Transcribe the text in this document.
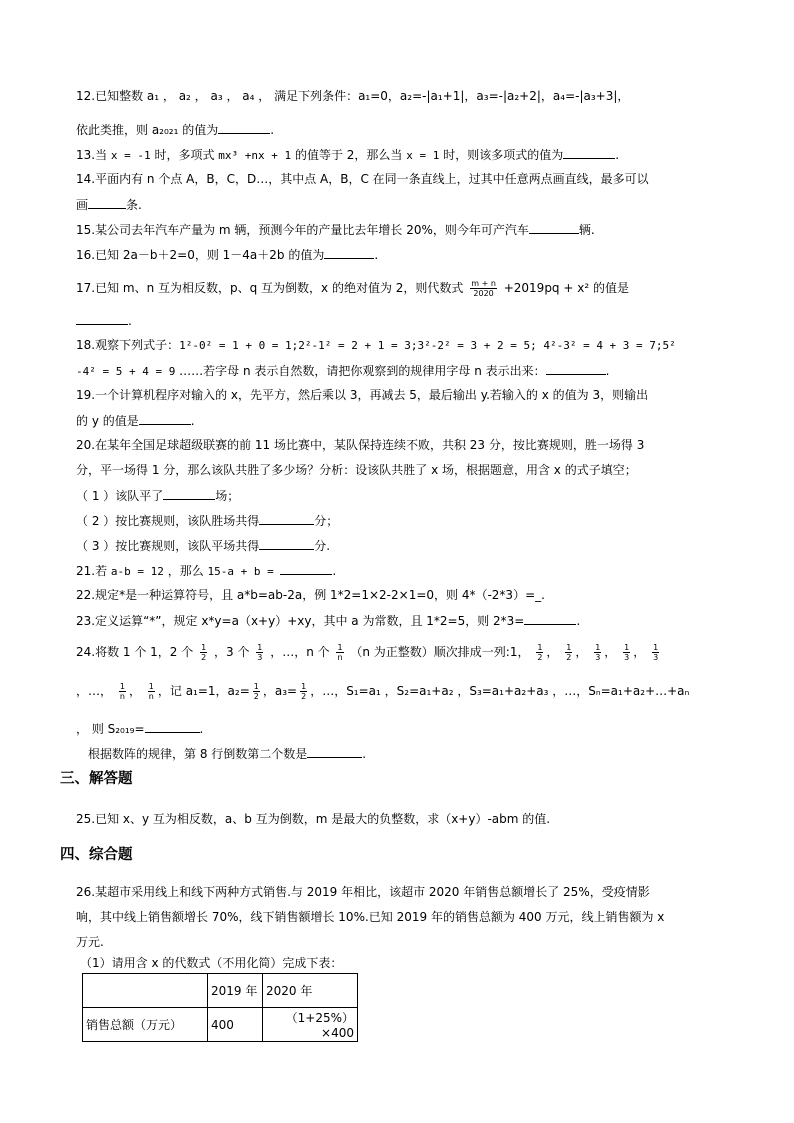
12.已知整数 a₁ ， a₂ ， a₃ ， a₄ ， 满足下列条件：a₁=0，a₂=-|a₁+1|，a₃=-|a₂+2|，a₄=-|a₃+3|，
依此类推，则 a₂₀₂₁ 的值为	.
13.当 x = -1 时，多项式 mx³ +nx + 1 的值等于 2，那么当 x = 1 时，则该多项式的值为	.
14.平面内有 n 个点 A，B，C，D…，其中点 A，B，C 在同一条直线上，过其中任意两点画直线，最多可以
画	条.
15.某公司去年汽车产量为 m 辆，预测今年的产量比去年增长 20%，则今年可产汽车	辆.
16.已知 2a－b＋2=0，则 1－4a＋2b 的值为	.
17.已知 m、n 互为相反数，p、q 互为倒数，x 的绝对值为 2，则代数式 $\frac{m + n}{2020} +2019pq + x^2$ 的值是
.
18.观察下列式子：1²-0² = 1 + 0 = 1;2²-1² = 2 + 1 = 3;3²-2² = 3 + 2 = 5; 4²-3² = 4 + 3 = 7;5²
-4² = 5 + 4 = 9 ……若字母 n 表示自然数，请把你观察到的规律用字母 n 表示出来：	.
19.一个计算机程序对输入的 x，先平方，然后乘以 3，再减去 5，最后输出 y.若输入的 x 的值为 3，则输出
的 y 的值是	.
20.在某年全国足球超级联赛的前 11 场比赛中，某队保持连续不败，共积 23 分，按比赛规则，胜一场得 3
分，平一场得 1 分，那么该队共胜了多少场？分析：设该队共胜了 x 场，根据题意，用含 x 的式子填空；
（ 1 ）该队平了	场；
（ 2 ）按比赛规则，该队胜场共得	分；
（ 3 ）按比赛规则，该队平场共得	分.
21.若 a-b = 12 ，那么 15-a + b =	.
22.规定*是一种运算符号，且 a*b=ab-2a，例 1*2=1×2-2×1=0，则 4*（-2*3）=_.
23.定义运算“*”，规定 x*y=a（x+y）+xy，其中 a 为常数，且 1*2=5，则 2*3=	.
24.将数 1 个 1，2 个 $\frac{1}{2}$ ，3 个 $\frac{1}{3}$ ，…，n 个 $\frac{1}{n} (n$ 为正整数）顺次排成一列:1， $\frac{1}{2}$ ， $\frac{1}{2}$ ， $\frac{1}{3}$ ， $\frac{1}{3}$ ， $\frac{1}{3}$
，…， $\frac{1}{n}$ ， $\frac{1}{n}$ ，记 a₁=1，$a_2= \frac{1}{2}$ ，$a_3= \frac{1}{2}$ ，…，S₁=a₁ ，S₂=a₁+a₂ ，S₃=a₁+a₂+a₃ ，…，Sₙ=a₁+a₂+…+aₙ
， 则 S₂₀₁₉=	.
根据数阵的规律，第 8 行倒数第二个数是	.
三、解答题
25.已知 x、y 互为相反数，a、b 互为倒数，m 是最大的负整数，求（x+y）-abm 的值.
四、综合题
26.某超市采用线上和线下两种方式销售.与 2019 年相比，该超市 2020 年销售总额增长了 25%，受疫情影
响，其中线上销售额增长 70%，线下销售额增长 10%.已知 2019 年的销售总额为 400 万元，线上销售额为 x
万元.
（1）请用含 x 的代数式（不用化简）完成下表：
	2019 年	2020 年
销售总额（万元）	400	（1+25%）×400
